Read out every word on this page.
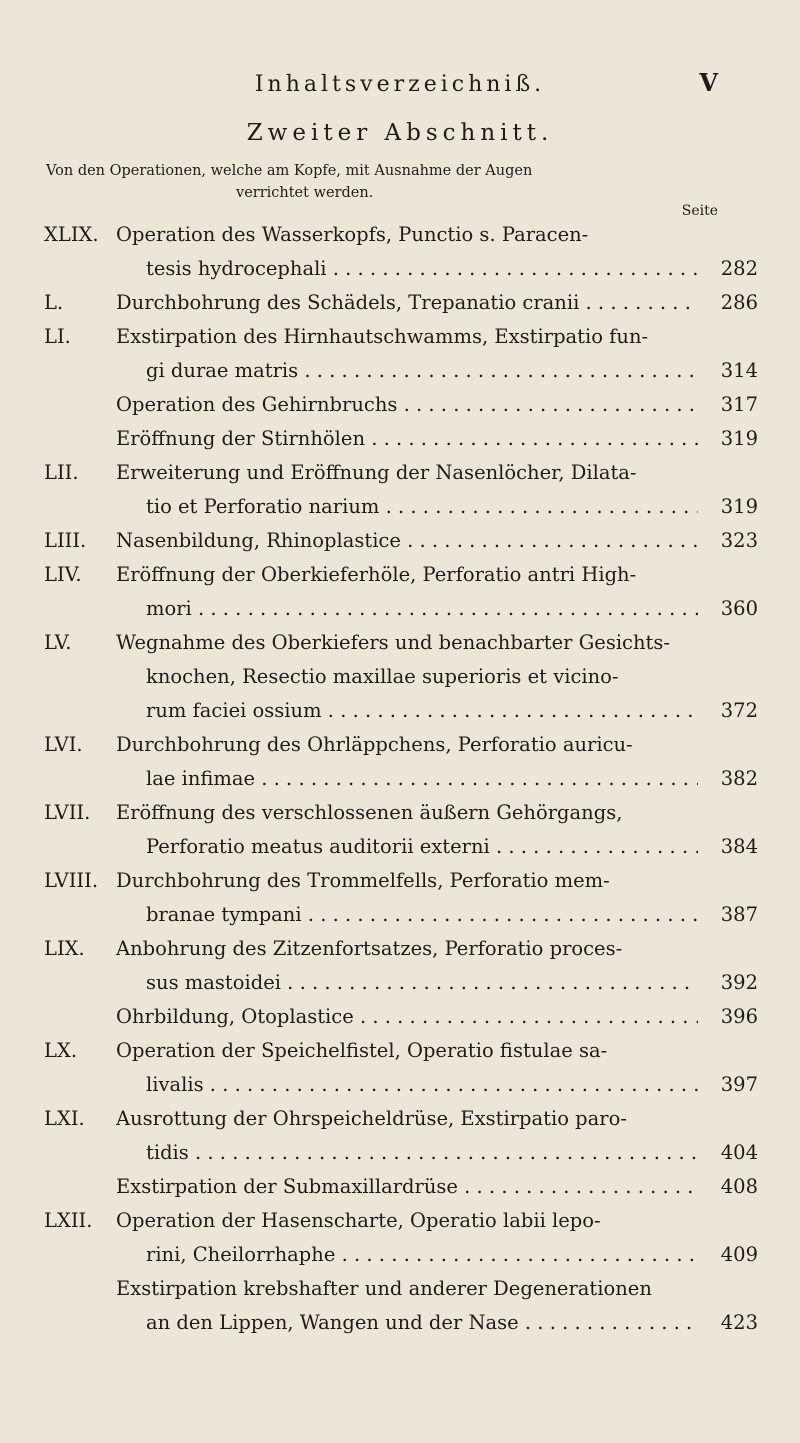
Inhaltsverzeichniß.	V
Zweiter Abschnitt.
Von den Operationen, welche am Kopfe, mit Ausnahme der Augen
verrichtet werden.
Seite
XLIX. Operation des Wasserkopfs, Punctio s. Paracen-
tesis hydrocephali . . .	282
L.	Durchbohrung des Schädels, Trepanatio cranii . . .	286
LI.	Exstirpation des Hirnhautschwamms, Exstirpatio fun-
gi durae matris . . .	314
Operation des Gehirnbruchs . . .	317
Eröffnung der Stirnhölen . . .	319
LII.	Erweiterung und Eröffnung der Nasenlöcher, Dilata-
tio et Perforatio narium . . .	319
LIII.	Nasenbildung, Rhinoplastice . . .	323
LIV.	Eröffnung der Oberkieferhöle, Perforatio antri High-
mori . . .	360
LV.	Wegnahme des Oberkiefers und benachbarter Gesichts-
knochen, Resectio maxillae superioris et vicino-
rum faciei ossium . . .	372
LVI.	Durchbohrung des Ohrläppchens, Perforatio auricu-
lae infimae . . .	382
LVII.	Eröffnung des verschlossenen äußern Gehörgangs,
Perforatio meatus auditorii externi . . .	384
LVIII. Durchbohrung des Trommelfells, Perforatio mem-
branae tympani . . .	387
LIX.	Anbohrung des Zitzenfortsatzes, Perforatio proces-
sus mastoidei . . .	392
Ohrbildung, Otoplastice . . .	396
LX.	Operation der Speichelfistel, Operatio fistulae sa-
livalis . . .	397
LXI.	Ausrottung der Ohrspeicheldrüse, Exstirpatio paro-
tidis . . .	404
Exstirpation der Submaxillardrüse . . .	408
LXII.	Operation der Hasenscharte, Operatio labii lepo-
rini, Cheilorrhaphe . . .	409
Exstirpation krebshafter und anderer Degenerationen
an den Lippen, Wangen und der Nase . . .	423
